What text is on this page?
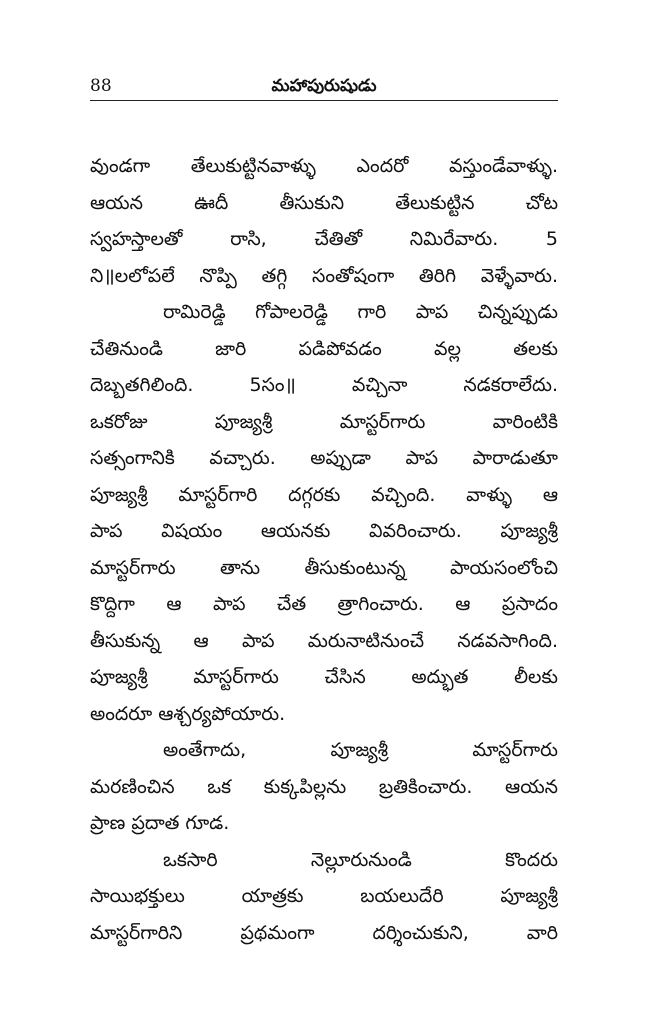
88	మహాపురుషుడు
వుండగా తేలుకుట్టినవాళ్ళు ఎందరో వస్తుండేవాళ్ళు.
ఆయన ఊదీ తీసుకుని తేలుకుట్టిన చోట
స్వహస్తాలతో రాసి, చేతితో నిమిరేవారు. 5
ని॥లలోపలే నొప్పి తగ్గి సంతోషంగా తిరిగి వెళ్ళేవారు.
రామిరెడ్డి గోపాలరెడ్డి గారి పాప చిన్నప్పుడు
చేతినుండి జారి పడిపోవడం వల్ల తలకు
దెబ్బతగిలింది. 5సం॥ వచ్చినా నడకరాలేదు.
ఒకరోజు పూజ్యశ్రీ మాస్టర్‌గారు వారింటికి
సత్సంగానికి వచ్చారు. అప్పుడా పాప పారాడుతూ
పూజ్యశ్రీ మాస్టర్‌గారి దగ్గరకు వచ్చింది. వాళ్ళు ఆ
పాప విషయం ఆయనకు వివరించారు. పూజ్యశ్రీ
మాస్టర్‌గారు తాను తీసుకుంటున్న పాయసంలోంచి
కొద్దిగా ఆ పాప చేత త్రాగించారు. ఆ ప్రసాదం
తీసుకున్న ఆ పాప మరునాటినుంచే నడవసాగింది.
పూజ్యశ్రీ మాస్టర్‌గారు చేసిన అద్భుత లీలకు
అందరూ ఆశ్చర్యపోయారు.
అంతేగాదు, పూజ్యశ్రీ మాస్టర్‌గారు
మరణించిన ఒక కుక్కపిల్లను బ్రతికించారు. ఆయన
ప్రాణ ప్రదాత గూడ.
ఒకసారి నెల్లూరునుండి కొందరు
సాయిభక్తులు యాత్రకు బయలుదేరి పూజ్యశ్రీ
మాస్టర్‌గారిని ప్రథమంగా దర్శించుకుని, వారి
